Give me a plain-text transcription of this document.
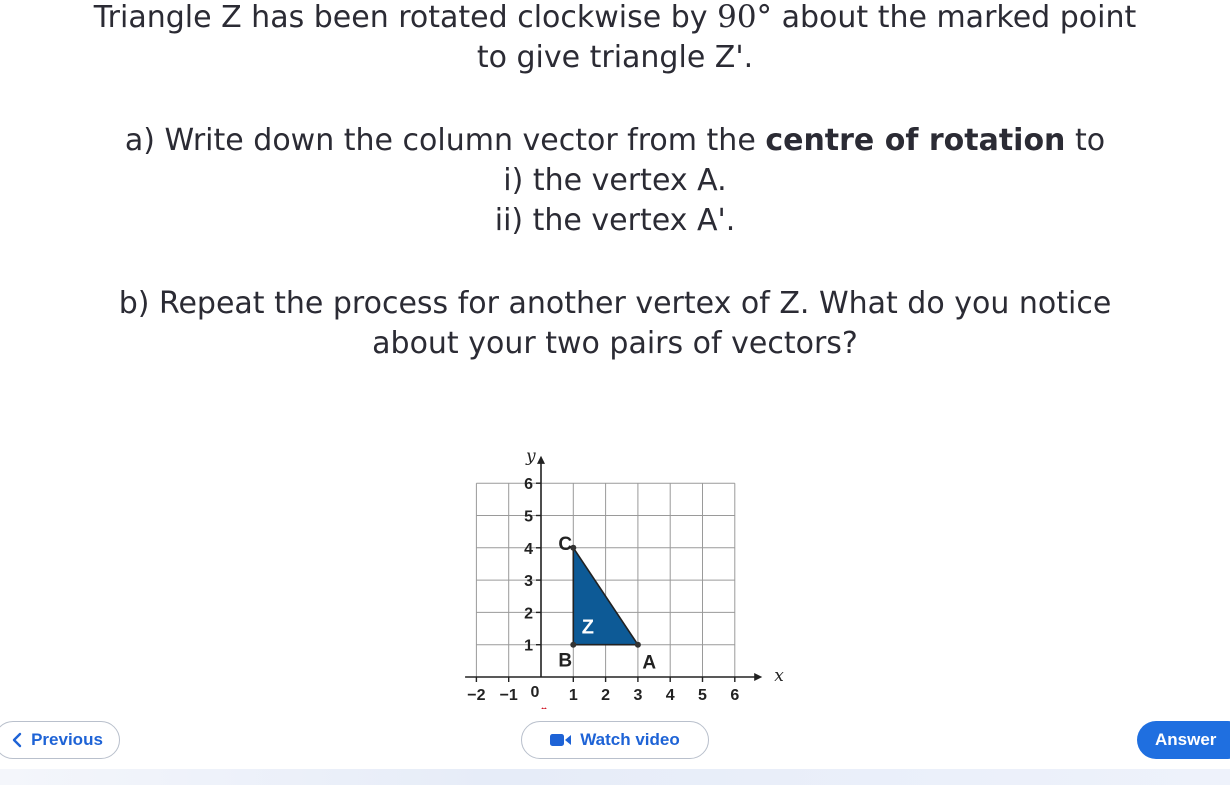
Triangle Z has been rotated clockwise by 90° about the marked point
to give triangle Z'.
a) Write down the column vector from the centre of rotation to
i) the vertex A.
ii) the vertex A'.
b) Repeat the process for another vertex of Z. What do you notice
about your two pairs of vectors?
x
y
−2 −1	1 2 3 4 5 6
0
1
2
3
4
5
6
Z
A
B
C
Previous	Watch video	Answer
